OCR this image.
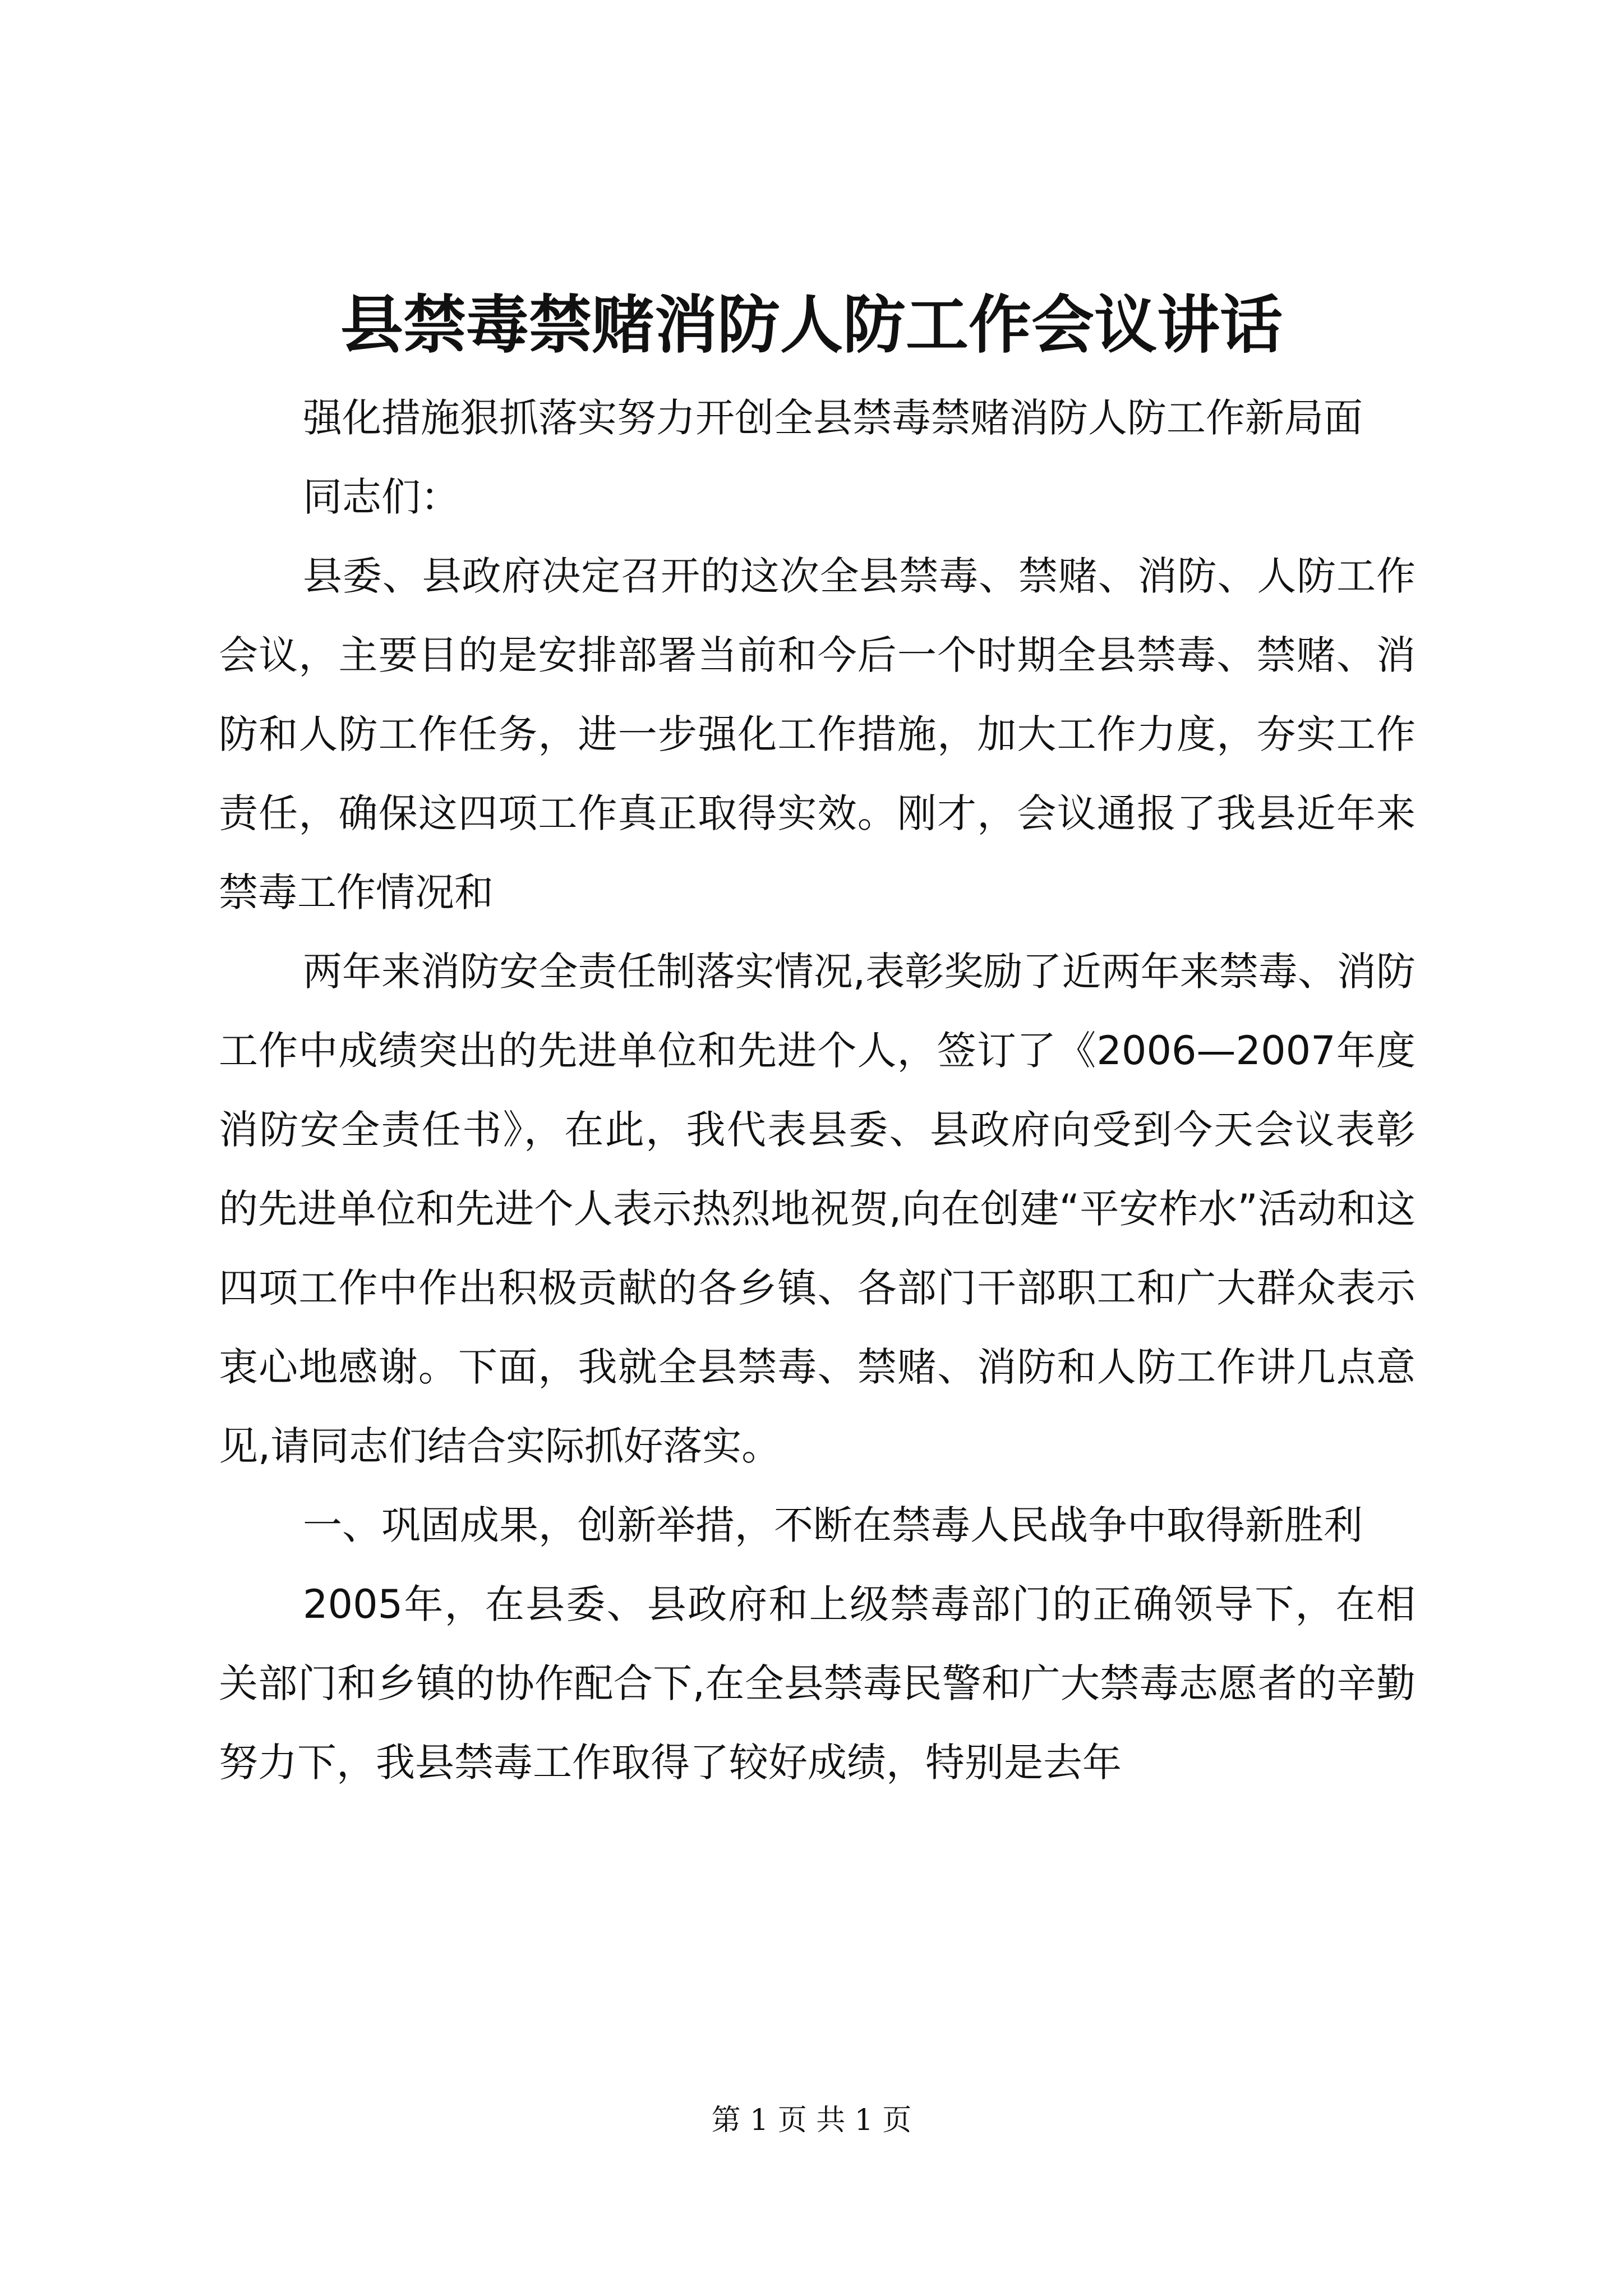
县禁毒禁赌消防人防工作会议讲话

强化措施狠抓落实努力开创全县禁毒禁赌消防人防工作新局面

同志们：

县委、县政府决定召开的这次全县禁毒、禁赌、消防、人防工作会议，主要目的是安排部署当前和今后一个时期全县禁毒、禁赌、消防和人防工作任务，进一步强化工作措施，加大工作力度，夯实工作责任，确保这四项工作真正取得实效。刚才，会议通报了我县近年来禁毒工作情况和

两年来消防安全责任制落实情况,表彰奖励了近两年来禁毒、消防工作中成绩突出的先进单位和先进个人，签订了《2006—2007年度消防安全责任书》，在此，我代表县委、县政府向受到今天会议表彰的先进单位和先进个人表示热烈地祝贺,向在创建“平安柞水”活动和这四项工作中作出积极贡献的各乡镇、各部门干部职工和广大群众表示衷心地感谢。下面，我就全县禁毒、禁赌、消防和人防工作讲几点意见,请同志们结合实际抓好落实。

一、巩固成果，创新举措，不断在禁毒人民战争中取得新胜利

2005年，在县委、县政府和上级禁毒部门的正确领导下，在相关部门和乡镇的协作配合下,在全县禁毒民警和广大禁毒志愿者的辛勤努力下，我县禁毒工作取得了较好成绩，特别是去年

第 1 页 共 1 页
